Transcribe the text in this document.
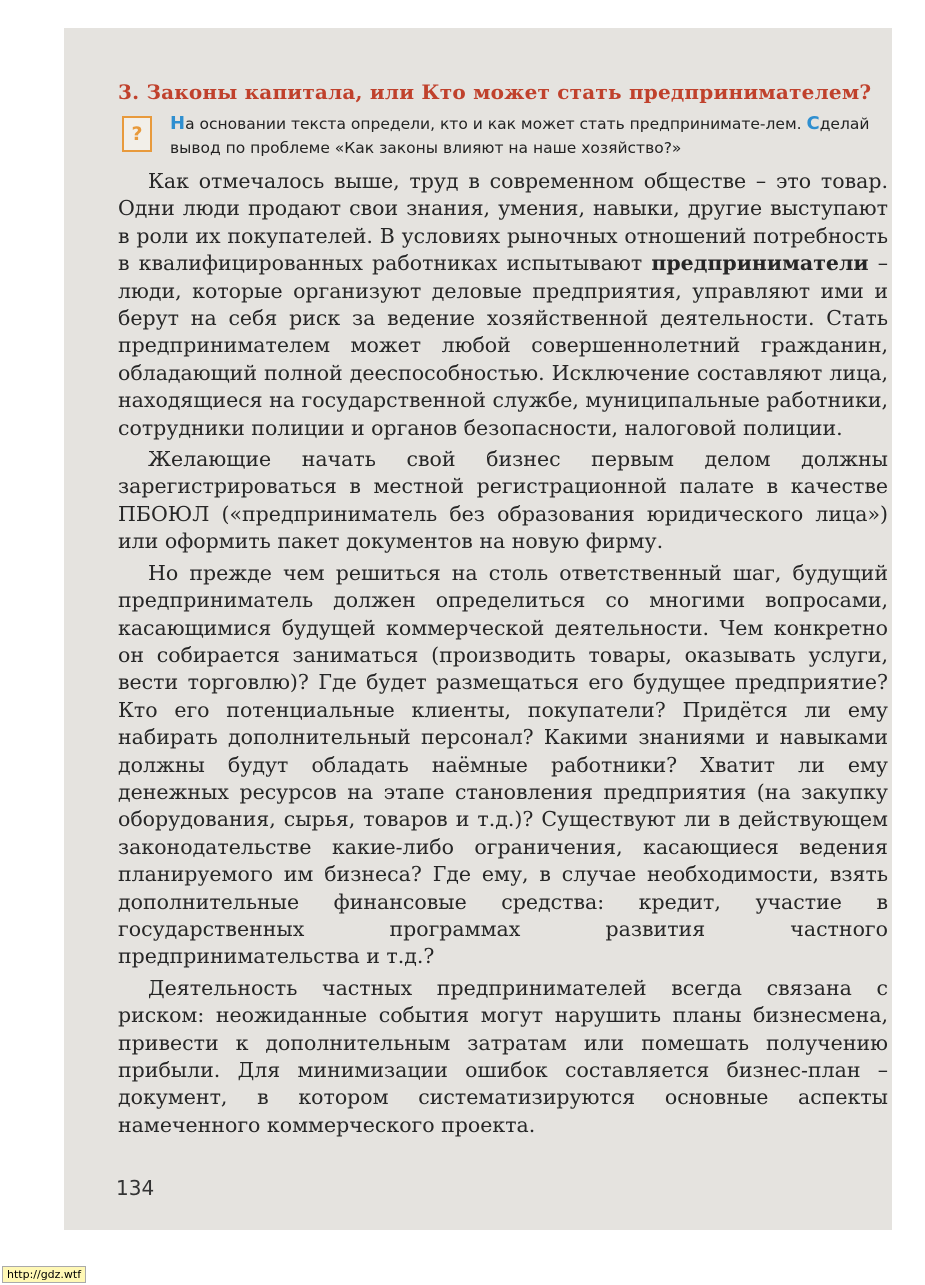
3. Законы капитала, или Кто может стать предпринимателем?
?	На основании текста определи, кто и как может стать предпринимате-лем. Сделай вывод по проблеме «Как законы влияют на наше хозяйство?»

Как отмечалось выше, труд в современном обществе – это товар. Одни люди продают свои знания, умения, навыки, другие выступают в роли их покупателей. В условиях рыночных отношений потребность в квалифицированных работниках испытывают предприниматели – люди, которые организуют деловые предприятия, управляют ими и берут на себя риск за ведение хозяйственной деятельности. Стать предпринимателем может любой совершеннолетний гражданин, обладающий полной дееспособностью. Исключение составляют лица, находящиеся на государственной службе, муниципальные работники, сотрудники полиции и органов безопасности, налоговой полиции.

Желающие начать свой бизнес первым делом должны зарегистрироваться в местной регистрационной палате в качестве ПБОЮЛ («предприниматель без образования юридического лица») или оформить пакет документов на новую фирму.

Но прежде чем решиться на столь ответственный шаг, будущий предприниматель должен определиться со многими вопросами, касающимися будущей коммерческой деятельности. Чем конкретно он собирается заниматься (производить товары, оказывать услуги, вести торговлю)? Где будет размещаться его будущее предприятие? Кто его потенциальные клиенты, покупатели? Придётся ли ему набирать дополнительный персонал? Какими знаниями и навыками должны будут обладать наёмные работники? Хватит ли ему денежных ресурсов на этапе становления предприятия (на закупку оборудования, сырья, товаров и т.д.)? Существуют ли в действующем законодательстве какие-либо ограничения, касающиеся ведения планируемого им бизнеса? Где ему, в случае необходимости, взять дополнительные финансовые средства: кредит, участие в государственных программах развития частного предпринимательства и т.д.?

Деятельность частных предпринимателей всегда связана с риском: неожиданные события могут нарушить планы бизнесмена, привести к дополнительным затратам или помешать получению прибыли. Для минимизации ошибок составляется бизнес-план – документ, в котором систематизируются основные аспекты намеченного коммерческого проекта.

134
http://gdz.wtf
